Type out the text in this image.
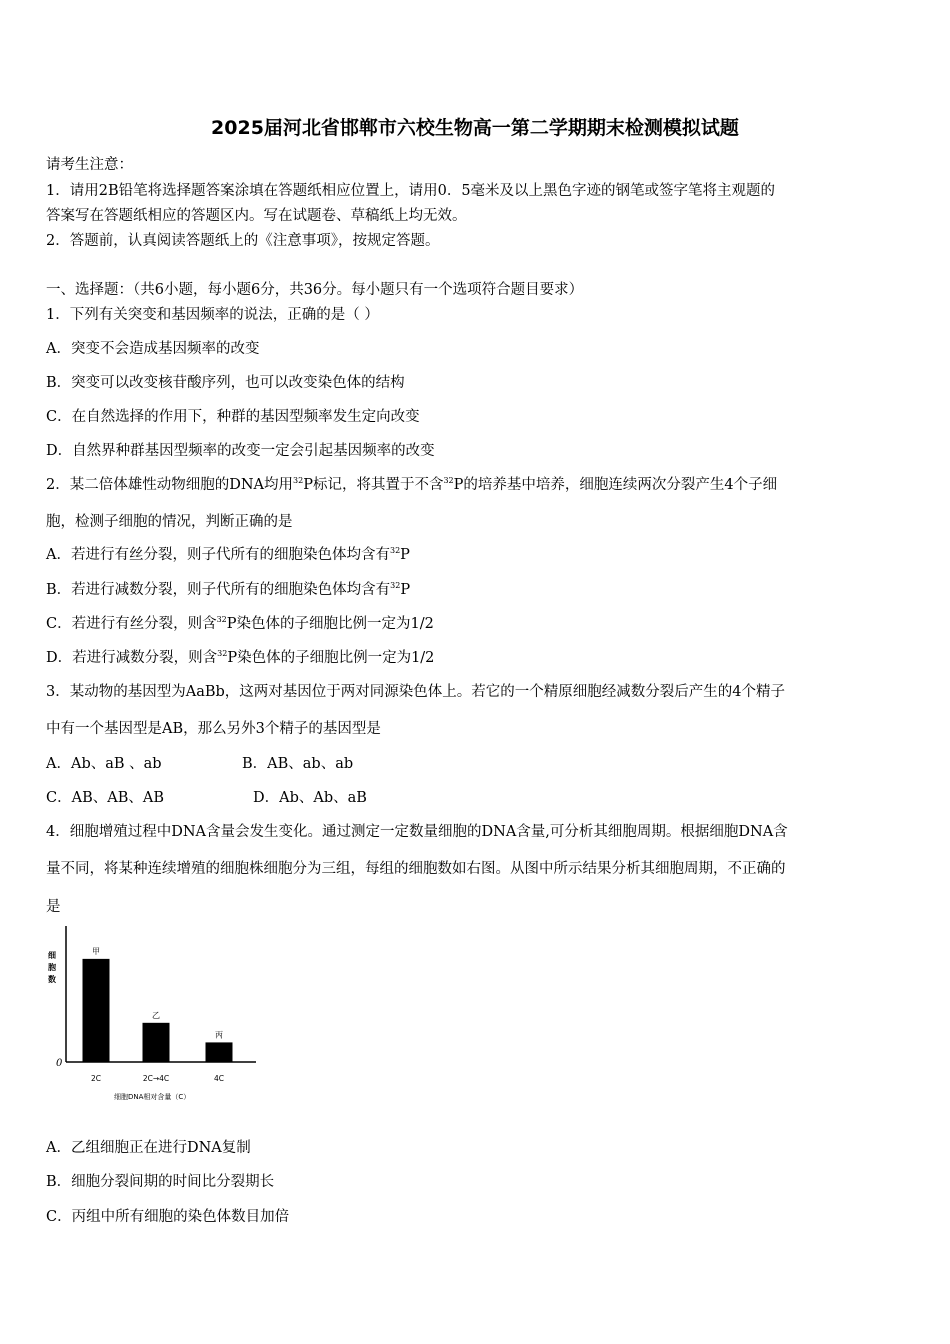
2025届河北省邯郸市六校生物高一第二学期期末检测模拟试题
请考生注意：
1．请用2B铅笔将选择题答案涂填在答题纸相应位置上，请用0．5毫米及以上黑色字迹的钢笔或签字笔将主观题的
答案写在答题纸相应的答题区内。写在试题卷、草稿纸上均无效。
2．答题前，认真阅读答题纸上的《注意事项》，按规定答题。
一、选择题：（共6小题，每小题6分，共36分。每小题只有一个选项符合题目要求）
1．下列有关突变和基因频率的说法，正确的是（ ）
A．突变不会造成基因频率的改变
B．突变可以改变核苷酸序列，也可以改变染色体的结构
C．在自然选择的作用下，种群的基因型频率发生定向改变
D．自然界种群基因型频率的改变一定会引起基因频率的改变
2．某二倍体雄性动物细胞的DNA均用$^{32}$P标记，将其置于不含$^{32}$P的培养基中培养，细胞连续两次分裂产生4个子细
胞，检测子细胞的情况，判断正确的是
A．若进行有丝分裂，则子代所有的细胞染色体均含有$^{32}$P
B．若进行减数分裂，则子代所有的细胞染色体均含有$^{32}$P
C．若进行有丝分裂，则含$^{32}$P染色体的子细胞比例一定为1/2
D．若进行减数分裂，则含$^{32}$P染色体的子细胞比例一定为1/2
3．某动物的基因型为AaBb，这两对基因位于两对同源染色体上。若它的一个精原细胞经减数分裂后产生的4个精子
中有一个基因型是AB，那么另外3个精子的基因型是
A．Ab、aB 、ab	B．AB、ab、ab
C．AB、AB、AB	D．Ab、Ab、aB
4．细胞增殖过程中DNA含量会发生变化。通过测定一定数量细胞的DNA含量,可分析其细胞周期。根据细胞DNA含
量不同，将某种连续增殖的细胞株细胞分为三组，每组的细胞数如右图。从图中所示结果分析其细胞周期，不正确的
是
0
细胞数
细胞DNA相对含量（C）
甲
2C
乙
2C→4C
丙
4C
A．乙组细胞正在进行DNA复制
B．细胞分裂间期的时间比分裂期长
C．丙组中所有细胞的染色体数目加倍
